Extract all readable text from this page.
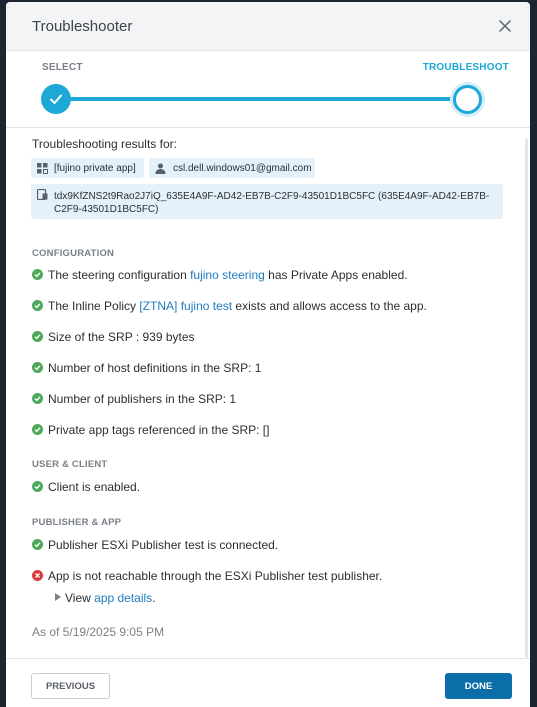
Troubleshooter
SELECT	TROUBLESHOOT
Troubleshooting results for:
[fujino private app]	csl.dell.windows01@gmail.com
tdx9KfZNS2t9Rao2J7iQ_635E4A9F-AD42-EB7B-C2F9-43501D1BC5FC (635E4A9F-AD42-EB7B-C2F9-43501D1BC5FC)
CONFIGURATION
The steering configuration fujino steering has Private Apps enabled.
The Inline Policy [ZTNA] fujino test exists and allows access to the app.
Size of the SRP : 939 bytes
Number of host definitions in the SRP: 1
Number of publishers in the SRP: 1
Private app tags referenced in the SRP: []
USER & CLIENT
Client is enabled.
PUBLISHER & APP
Publisher ESXi Publisher test is connected.
App is not reachable through the ESXi Publisher test publisher.
View app details.
As of 5/19/2025 9:05 PM
PREVIOUS	DONE
